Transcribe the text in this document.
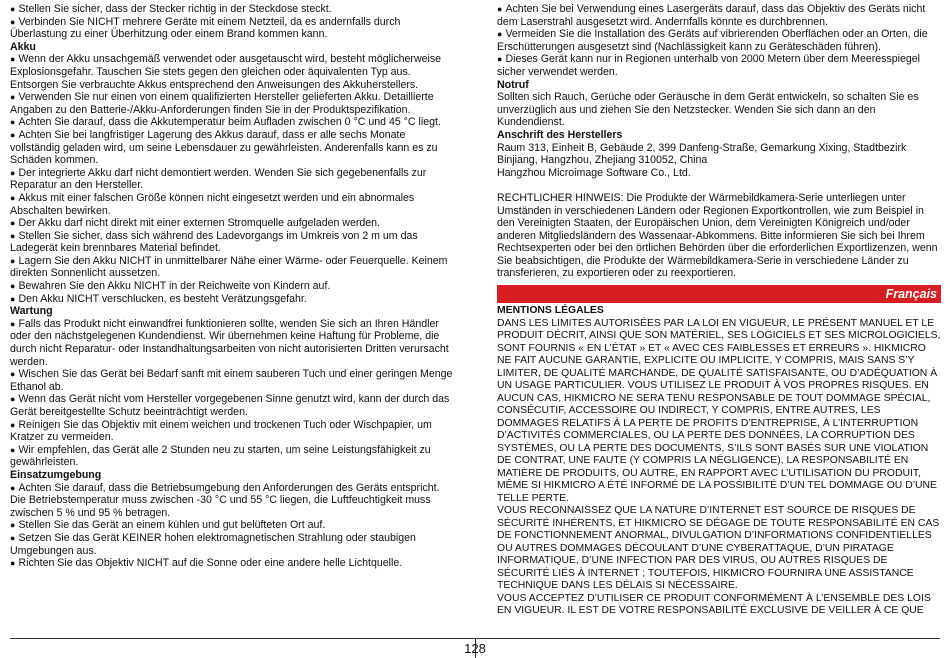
● Stellen Sie sicher, dass der Stecker richtig in der Steckdose steckt.
● Verbinden Sie NICHT mehrere Geräte mit einem Netzteil, da es andernfalls durch Überlastung zu einer Überhitzung oder einem Brand kommen kann.
Akku
● Wenn der Akku unsachgemäß verwendet oder ausgetauscht wird, besteht möglicherweise Explosionsgefahr. Tauschen Sie stets gegen den gleichen oder äquivalenten Typ aus. Entsorgen Sie verbrauchte Akkus entsprechend den Anweisungen des Akkuherstellers.
● Verwenden Sie nur einen von einem qualifizierten Hersteller gelieferten Akku. Detaillierte Angaben zu den Batterie-/Akku-Anforderungen finden Sie in der Produktspezifikation.
● Achten Sie darauf, dass die Akkutemperatur beim Aufladen zwischen 0 °C und 45 °C liegt.
● Achten Sie bei langfristiger Lagerung des Akkus darauf, dass er alle sechs Monate vollständig geladen wird, um seine Lebensdauer zu gewährleisten. Anderenfalls kann es zu Schäden kommen.
● Der integrierte Akku darf nicht demontiert werden. Wenden Sie sich gegebenenfalls zur Reparatur an den Hersteller.
● Akkus mit einer falschen Größe können nicht eingesetzt werden und ein abnormales Abschalten bewirken.
● Der Akku darf nicht direkt mit einer externen Stromquelle aufgeladen werden.
● Stellen Sie sicher, dass sich während des Ladevorgangs im Umkreis von 2 m um das Ladegerät kein brennbares Material befindet.
● Lagern Sie den Akku NICHT in unmittelbarer Nähe einer Wärme- oder Feuerquelle. Keinem direkten Sonnenlicht aussetzen.
● Bewahren Sie den Akku NICHT in der Reichweite von Kindern auf.
● Den Akku NICHT verschlucken, es besteht Verätzungsgefahr.
Wartung
● Falls das Produkt nicht einwandfrei funktionieren sollte, wenden Sie sich an Ihren Händler oder den nächstgelegenen Kundendienst. Wir übernehmen keine Haftung für Probleme, die durch nicht Reparatur- oder Instandhaltungsarbeiten von nicht autorisierten Dritten verursacht werden.
● Wischen Sie das Gerät bei Bedarf sanft mit einem sauberen Tuch und einer geringen Menge Ethanol ab.
● Wenn das Gerät nicht vom Hersteller vorgegebenen Sinne genutzt wird, kann der durch das Gerät bereitgestellte Schutz beeinträchtigt werden.
● Reinigen Sie das Objektiv mit einem weichen und trockenen Tuch oder Wischpapier, um Kratzer zu vermeiden.
● Wir empfehlen, das Gerät alle 2 Stunden neu zu starten, um seine Leistungsfähigkeit zu gewährleisten.
Einsatzumgebung
● Achten Sie darauf, dass die Betriebsumgebung den Anforderungen des Geräts entspricht. Die Betriebstemperatur muss zwischen -30 °C und 55 °C liegen, die Luftfeuchtigkeit muss zwischen 5 % und 95 % betragen.
● Stellen Sie das Gerät an einem kühlen und gut belüfteten Ort auf.
● Setzen Sie das Gerät KEINER hohen elektromagnetischen Strahlung oder staubigen Umgebungen aus.
● Richten Sie das Objektiv NICHT auf die Sonne oder eine andere helle Lichtquelle.
● Achten Sie bei Verwendung eines Lasergeräts darauf, dass das Objektiv des Geräts nicht dem Laserstrahl ausgesetzt wird. Andernfalls könnte es durchbrennen.
● Vermeiden Sie die Installation des Geräts auf vibrierenden Oberflächen oder an Orten, die Erschütterungen ausgesetzt sind (Nachlässigkeit kann zu Geräteschäden führen).
● Dieses Gerät kann nur in Regionen unterhalb von 2000 Metern über dem Meeresspiegel sicher verwendet werden.
Notruf
Sollten sich Rauch, Gerüche oder Geräusche in dem Gerät entwickeln, so schalten Sie es unverzüglich aus und ziehen Sie den Netzstecker. Wenden Sie sich dann an den Kundendienst.
Anschrift des Herstellers
Raum 313, Einheit B, Gebäude 2, 399 Danfeng-Straße, Gemarkung Xixing, Stadtbezirk Binjiang, Hangzhou, Zhejiang 310052, China
Hangzhou Microimage Software Co., Ltd.
RECHTLICHER HINWEIS: Die Produkte der Wärmebildkamera-Serie unterliegen unter Umständen in verschiedenen Ländern oder Regionen Exportkontrollen, wie zum Beispiel in den Vereinigten Staaten, der Europäischen Union, dem Vereinigten Königreich und/oder anderen Mitgliedsländern des Wassenaar-Abkommens. Bitte informieren Sie sich bei Ihrem Rechtsexperten oder bei den örtlichen Behörden über die erforderlichen Exportlizenzen, wenn Sie beabsichtigen, die Produkte der Wärmebildkamera-Serie in verschiedene Länder zu transferieren, zu exportieren oder zu reexportieren.
Français
MENTIONS LÉGALES
DANS LES LIMITES AUTORISÉES PAR LA LOI EN VIGUEUR, LE PRÉSENT MANUEL ET LE PRODUIT DÉCRIT, AINSI QUE SON MATÉRIEL, SES LOGICIELS ET SES MICROLOGICIELS, SONT FOURNIS « EN L’ÉTAT » ET « AVEC CES FAIBLESSES ET ERREURS ». HIKMICRO NE FAIT AUCUNE GARANTIE, EXPLICITE OU IMPLICITE, Y COMPRIS, MAIS SANS S’Y LIMITER, DE QUALITÉ MARCHANDE, DE QUALITÉ SATISFAISANTE, OU D’ADÉQUATION À UN USAGE PARTICULIER. VOUS UTILISEZ LE PRODUIT À VOS PROPRES RISQUES. EN AUCUN CAS, HIKMICRO NE SERA TENU RESPONSABLE DE TOUT DOMMAGE SPÉCIAL, CONSÉCUTIF, ACCESSOIRE OU INDIRECT, Y COMPRIS, ENTRE AUTRES, LES DOMMAGES RELATIFS À LA PERTE DE PROFITS D’ENTREPRISE, À L’INTERRUPTION D’ACTIVITÉS COMMERCIALES, OU LA PERTE DES DONNÉES, LA CORRUPTION DES SYSTÈMES, OU LA PERTE DES DOCUMENTS, S’ILS SONT BASÉS SUR UNE VIOLATION DE CONTRAT, UNE FAUTE (Y COMPRIS LA NÉGLIGENCE), LA RESPONSABILITÉ EN MATIÈRE DE PRODUITS, OU AUTRE, EN RAPPORT AVEC L’UTILISATION DU PRODUIT, MÊME SI HIKMICRO A ÉTÉ INFORMÉ DE LA POSSIBILITÉ D’UN TEL DOMMAGE OU D’UNE TELLE PERTE.
VOUS RECONNAISSEZ QUE LA NATURE D’INTERNET EST SOURCE DE RISQUES DE SÉCURITÉ INHÉRENTS, ET HIKMICRO SE DÉGAGE DE TOUTE RESPONSABILITÉ EN CAS DE FONCTIONNEMENT ANORMAL, DIVULGATION D’INFORMATIONS CONFIDENTIELLES OU AUTRES DOMMAGES DÉCOULANT D’UNE CYBERATTAQUE, D’UN PIRATAGE INFORMATIQUE, D’UNE INFECTION PAR DES VIRUS, OU AUTRES RISQUES DE SÉCURITÉ LIÉS À INTERNET ; TOUTEFOIS, HIKMICRO FOURNIRA UNE ASSISTANCE TECHNIQUE DANS LES DÉLAIS SI NÉCESSAIRE.
VOUS ACCEPTEZ D’UTILISER CE PRODUIT CONFORMÉMENT À L’ENSEMBLE DES LOIS EN VIGUEUR. IL EST DE VOTRE RESPONSABILITÉ EXCLUSIVE DE VEILLER À CE QUE
128
